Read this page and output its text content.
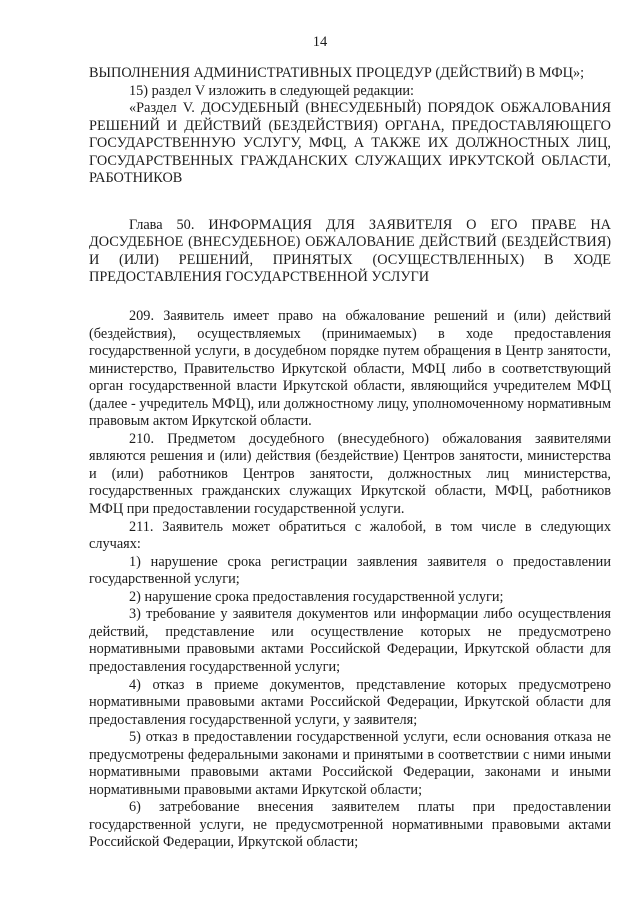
14

ВЫПОЛНЕНИЯ АДМИНИСТРАТИВНЫХ ПРОЦЕДУР (ДЕЙСТВИЙ) В МФЦ»;

15) раздел V изложить в следующей редакции:

«Раздел V. ДОСУДЕБНЫЙ (ВНЕСУДЕБНЫЙ) ПОРЯДОК ОБЖАЛОВАНИЯ РЕШЕНИЙ И ДЕЙСТВИЙ (БЕЗДЕЙСТВИЯ) ОРГАНА, ПРЕДОСТАВЛЯЮЩЕГО ГОСУДАРСТВЕННУЮ УСЛУГУ, МФЦ, А ТАКЖЕ ИХ ДОЛЖНОСТНЫХ ЛИЦ, ГОСУДАРСТВЕННЫХ ГРАЖДАНСКИХ СЛУЖАЩИХ ИРКУТСКОЙ ОБЛАСТИ, РАБОТНИКОВ

Глава 50. ИНФОРМАЦИЯ ДЛЯ ЗАЯВИТЕЛЯ О ЕГО ПРАВЕ НА ДОСУДЕБНОЕ (ВНЕСУДЕБНОЕ) ОБЖАЛОВАНИЕ ДЕЙСТВИЙ (БЕЗДЕЙСТВИЯ) И (ИЛИ) РЕШЕНИЙ, ПРИНЯТЫХ (ОСУЩЕСТВЛЕННЫХ) В ХОДЕ ПРЕДОСТАВЛЕНИЯ ГОСУДАРСТВЕННОЙ УСЛУГИ

209. Заявитель имеет право на обжалование решений и (или) действий (бездействия), осуществляемых (принимаемых) в ходе предоставления государственной услуги, в досудебном порядке путем обращения в Центр занятости, министерство, Правительство Иркутской области, МФЦ либо в соответствующий орган государственной власти Иркутской области, являющийся учредителем МФЦ (далее - учредитель МФЦ), или должностному лицу, уполномоченному нормативным правовым актом Иркутской области.

210. Предметом досудебного (внесудебного) обжалования заявителями являются решения и (или) действия (бездействие) Центров занятости, министерства и (или) работников Центров занятости, должностных лиц министерства, государственных гражданских служащих Иркутской области, МФЦ, работников МФЦ при предоставлении государственной услуги.

211. Заявитель может обратиться с жалобой, в том числе в следующих случаях:

1) нарушение срока регистрации заявления заявителя о предоставлении государственной услуги;

2) нарушение срока предоставления государственной услуги;

3) требование у заявителя документов или информации либо осуществления действий, представление или осуществление которых не предусмотрено нормативными правовыми актами Российской Федерации, Иркутской области для предоставления государственной услуги;

4) отказ в приеме документов, представление которых предусмотрено нормативными правовыми актами Российской Федерации, Иркутской области для предоставления государственной услуги, у заявителя;

5) отказ в предоставлении государственной услуги, если основания отказа не предусмотрены федеральными законами и принятыми в соответствии с ними иными нормативными правовыми актами Российской Федерации, законами и иными нормативными правовыми актами Иркутской области;

6) затребование внесения заявителем платы при предоставлении государственной услуги, не предусмотренной нормативными правовыми актами Российской Федерации, Иркутской области;
